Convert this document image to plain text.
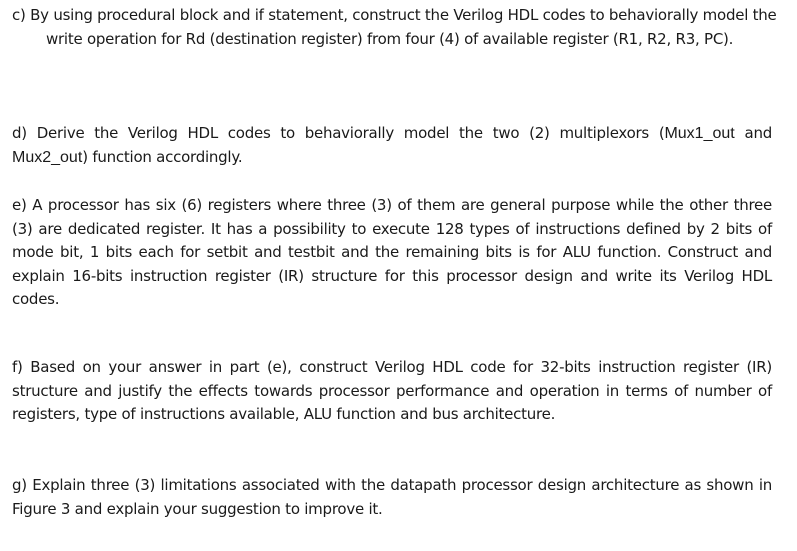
c) By using procedural block and if statement, construct the Verilog HDL codes to behaviorally model the write operation for Rd (destination register) from four (4) of available register (R1, R2, R3, PC).

d) Derive the Verilog HDL codes to behaviorally model the two (2) multiplexors (Mux1_out and Mux2_out) function accordingly.

e) A processor has six (6) registers where three (3) of them are general purpose while the other three (3) are dedicated register. It has a possibility to execute 128 types of instructions defined by 2 bits of mode bit, 1 bits each for setbit and testbit and the remaining bits is for ALU function. Construct and explain 16-bits instruction register (IR) structure for this processor design and write its Verilog HDL codes.

f) Based on your answer in part (e), construct Verilog HDL code for 32-bits instruction register (IR) structure and justify the effects towards processor performance and operation in terms of number of registers, type of instructions available, ALU function and bus architecture.

g) Explain three (3) limitations associated with the datapath processor design architecture as shown in Figure 3 and explain your suggestion to improve it.
